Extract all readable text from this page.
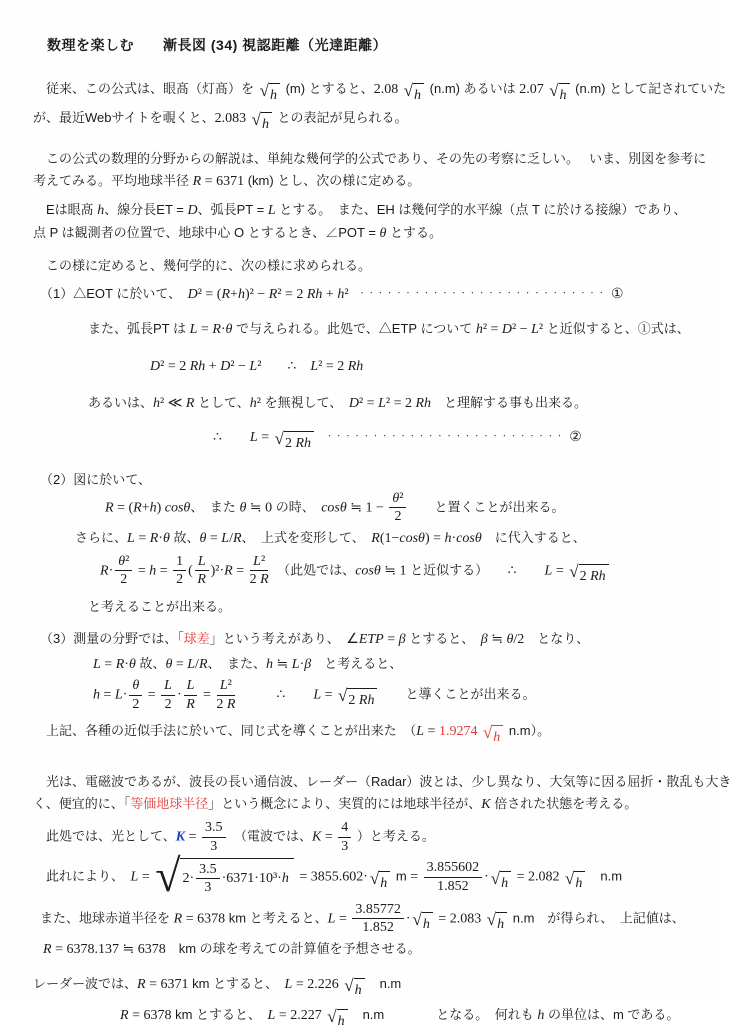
数理を楽しむ　　漸長図 (34) 視認距離（光達距離）
　従来、この公式は、眼髙（灯髙）を √ h (m) とすると、2.08 √ h (n.m) あるいは 2.07 √ h (n.m) として記されていた
が、最近Webサイトを覗くと、2.083 √ h との表記が見られる。
　この公式の数理的分野からの解説は、単純な幾何学的公式であり、その先の考察に乏しい。　 いま、別図を参考に
考えてみる。平均地球半径 R = 6371 (km) とし、次の様に定める。
　Eは眼髙 h、線分長ET = D、弧長PT = L とする。　また、EH は幾何学的水平線（点 T に於ける接線）であり、
点 P は観測者の位置で、地球中心 O とするとき、∠POT = θ とする。
　この様に定めると、幾何学的に、次の様に求められる。
（1）△EOT に於いて、　D² = (R+h)² − R² = 2 Rh + h² ・・・・・・・・・・・・・・・・・・・・・・・・・・・ ①
また、弧長PT は L = R·θ で与えられる。此処で、△ETP について h² = D² − L² と近似すると、①式は、
D² = 2 Rh + D² − L²　　 ∴　L² = 2 Rh
あるいは、h² ≪ R として、h² を無視して、　D² = L² = 2 Rh　と理解する事も出来る。
∴　　L = √ 2 Rh	・・・・・・・・・・・・・・・・・・・・・・・・・・ ②
（2）図に於いて、
R = (R+h) cosθ、　また θ ≒ 0 の時、　cosθ ≒ $1 - \frac{\text{θ²}}{2}$ 　　と置くことが出来る。
さらに、L = R·θ 故、θ = L/R、　上式を変形して、　R(1−cosθ) = h·cosθ　に代入すると、
$R\cdot \frac{\text{θ²}}{2} = h = \frac{1}{2}$ ( $\frac{L}{R} )^2\cdot R = \frac{\text{L²}}{2 R}$ 　（此処では、cosθ ≒ 1 と近似する）　　∴　　L = √ 2 Rh
と考えることが出来る。
（3）測量の分野では、「球差」という考えがあり、　∠ETP = β とすると、　β ≒ θ/2　となり、
L = R·θ 故、θ = L/R、　また、h ≒ L·β　と考えると、
$h = L\cdot \frac{\theta}{2} = \frac{L}{2} \cdot \frac{L}{R} = \frac{\text{L²}}{2 R}$
　　　	∴　　L = √ 2 Rh 　　と導くことが出来る。
　上記、各種の近似手法に於いて、同じ式を導くことが出来た　（L = 1.9274 √ h n.m）。
　光は、電磁波であるが、波長の長い通信波、レーダー（Radar）波とは、少し異なり、大気等に因る屈折・散乱も大き
く、便宜的に、「等価地球半径」という概念により、実質的には地球半径が、K 倍された状態を考える。
此処では、光として、$K = \frac{3.5}{3}$ 　（電波では、$K = \frac{4}{3}$ ）と考える。
此れにより、　L = √ $2\cdot \frac{3.5}{3} \cdot 6371\cdot 10^3\cdot h = 3855.602\cdot$ √ h $m = \frac{3.855602}{1.852}$ · √ h = 2.082 √ h 　n.m
また、地球赤道半径を R = 6378 km と考えると、$L = \frac{3.85772}{1.852}$ · √ h = 2.083 √ h n.m　が得られ、　上記値は、
R = 6378.137 ≒ 6378　km の球を考えての計算値を予想させる。
レーダー波では、R = 6371 km とすると、　L = 2.226 √ h 　n.m
R = 6378 km とすると、　L = 2.227 √ h 　n.m　　　　となる。　何れも h の単位は、m である。
